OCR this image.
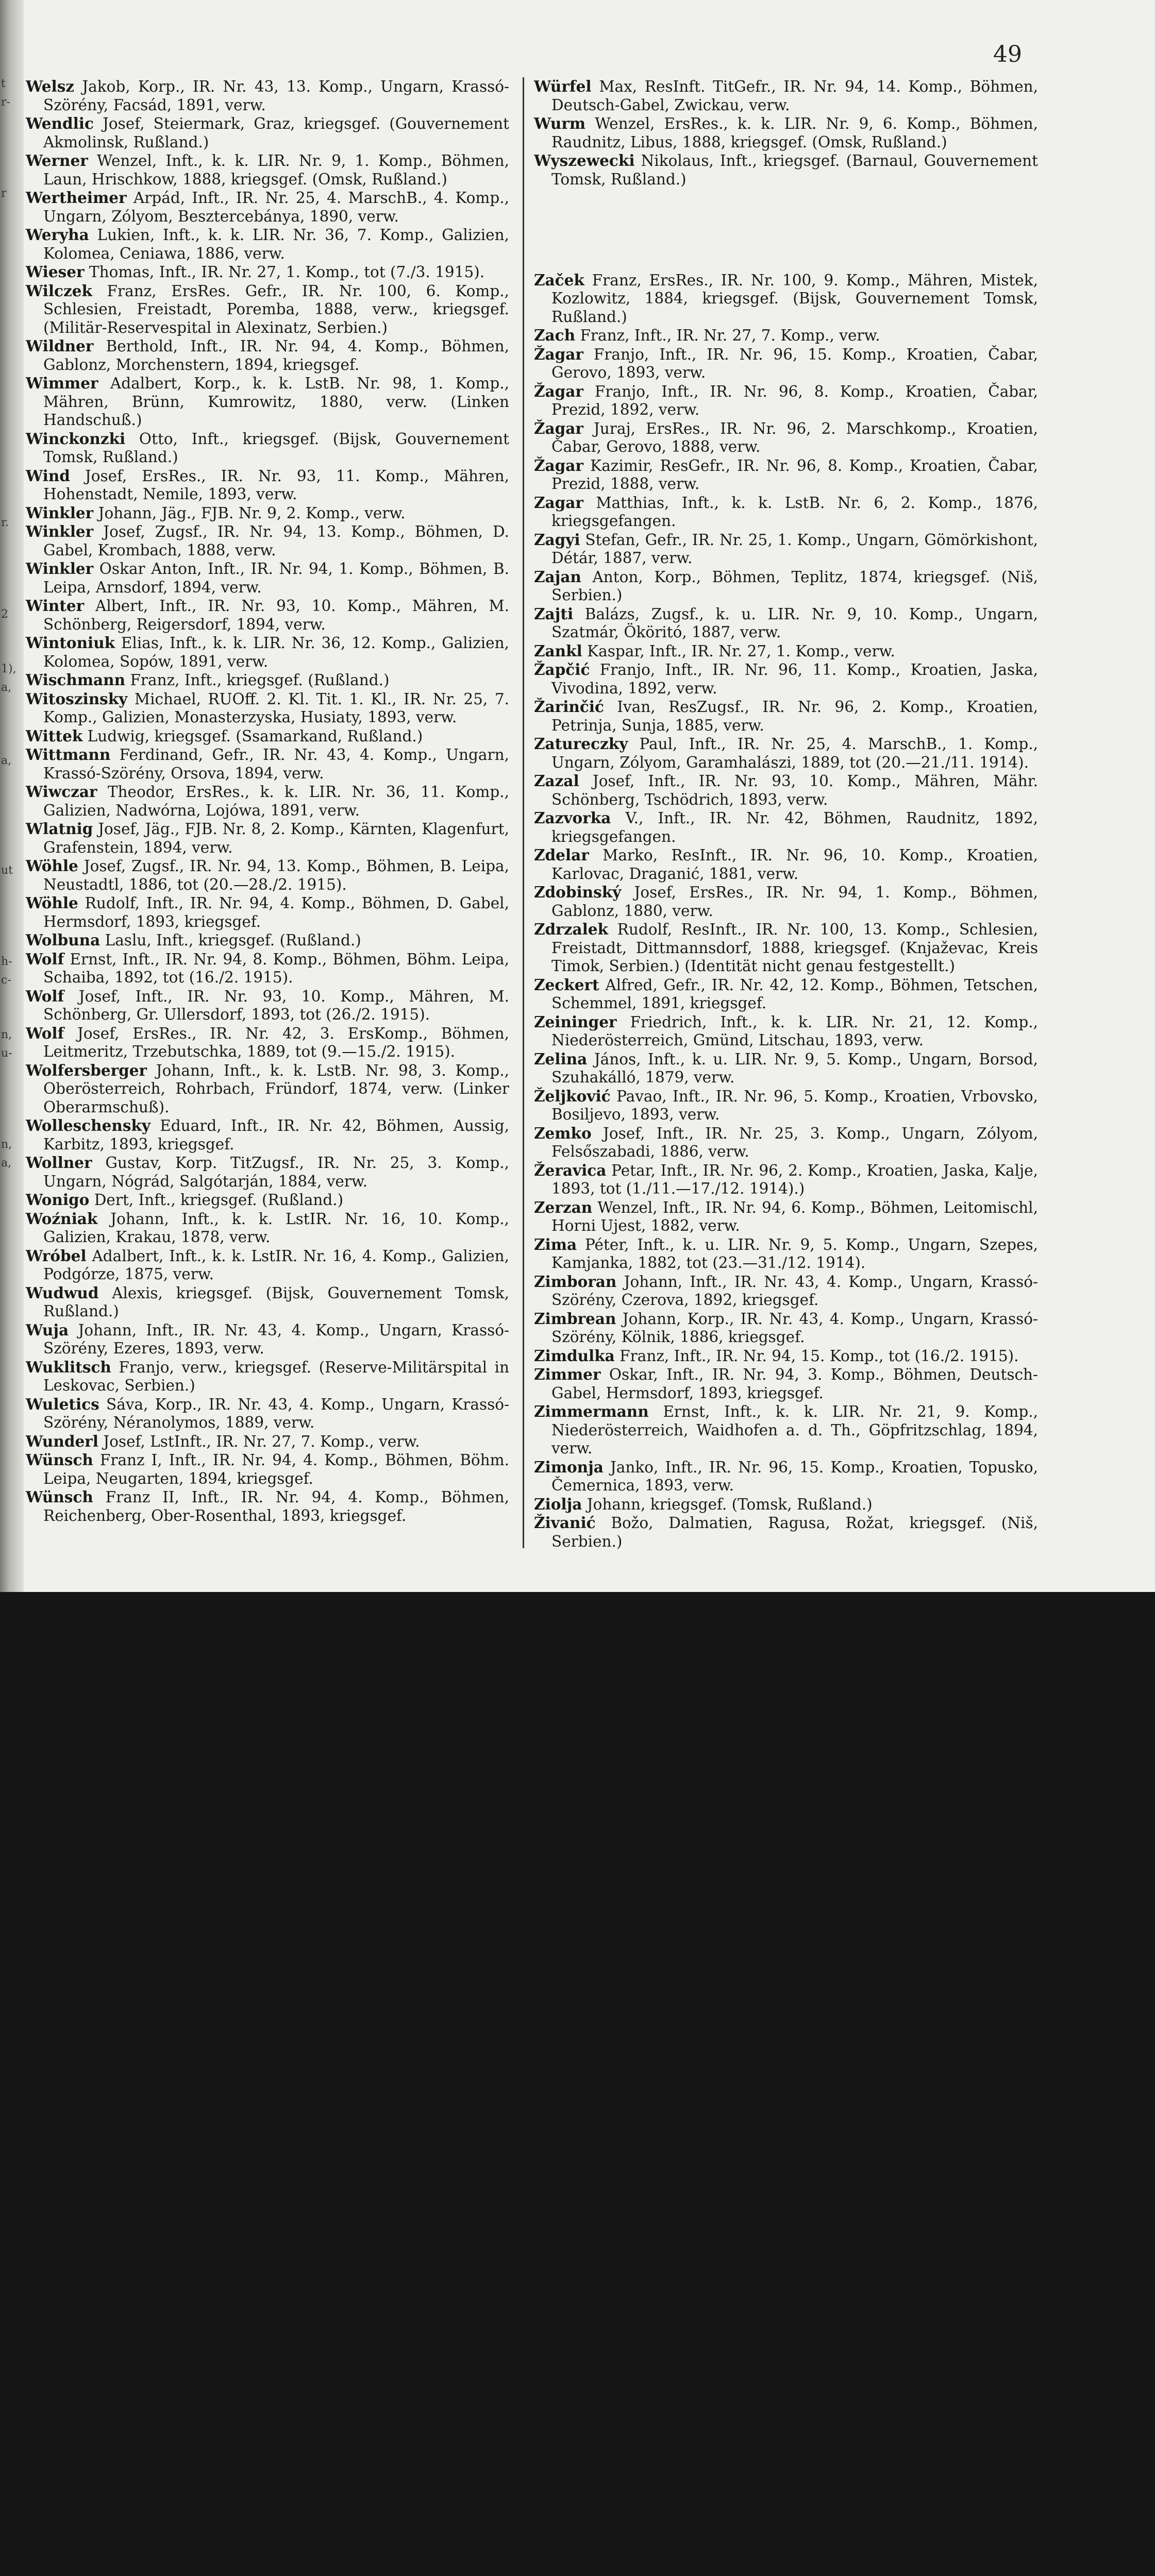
t
r-
r
r.
2
1),
a,
a,
ut
h-
c-
n,
u-
n,
a,
49

Welsz Jakob, Korp., IR. Nr. 43, 13. Komp., Ungarn, Krassó-Szörény, Facsád, 1891, verw.

Wendlic Josef, Steiermark, Graz, kriegsgef. (Gouvernement Akmolinsk, Rußland.)

Werner Wenzel, Inft., k. k. LIR. Nr. 9, 1. Komp., Böhmen, Laun, Hrischkow, 1888, kriegsgef. (Omsk, Rußland.)

Wertheimer Arpád, Inft., IR. Nr. 25, 4. MarschB., 4. Komp., Ungarn, Zólyom, Besztercebánya, 1890, verw.

Weryha Lukien, Inft., k. k. LIR. Nr. 36, 7. Komp., Galizien, Kolomea, Ceniawa, 1886, verw.

Wieser Thomas, Inft., IR. Nr. 27, 1. Komp., tot (7./3. 1915).

Wilczek Franz, ErsRes. Gefr., IR. Nr. 100, 6. Komp., Schlesien, Freistadt, Poremba, 1888, verw., kriegsgef. (Militär-Reservespital in Alexinatz, Serbien.)

Wildner Berthold, Inft., IR. Nr. 94, 4. Komp., Böhmen, Gablonz, Morchenstern, 1894, kriegsgef.

Wimmer Adalbert, Korp., k. k. LstB. Nr. 98, 1. Komp., Mähren, Brünn, Kumrowitz, 1880, verw. (Linken Handschuß.)

Winckonzki Otto, Inft., kriegsgef. (Bijsk, Gouvernement Tomsk, Rußland.)

Wind Josef, ErsRes., IR. Nr. 93, 11. Komp., Mähren, Hohenstadt, Nemile, 1893, verw.

Winkler Johann, Jäg., FJB. Nr. 9, 2. Komp., verw.

Winkler Josef, Zugsf., IR. Nr. 94, 13. Komp., Böhmen, D. Gabel, Krombach, 1888, verw.

Winkler Oskar Anton, Inft., IR. Nr. 94, 1. Komp., Böhmen, B. Leipa, Arnsdorf, 1894, verw.

Winter Albert, Inft., IR. Nr. 93, 10. Komp., Mähren, M. Schönberg, Reigersdorf, 1894, verw.

Wintoniuk Elias, Inft., k. k. LIR. Nr. 36, 12. Komp., Galizien, Kolomea, Sopów, 1891, verw.

Wischmann Franz, Inft., kriegsgef. (Rußland.)

Witoszinsky Michael, RUOff. 2. Kl. Tit. 1. Kl., IR. Nr. 25, 7. Komp., Galizien, Monasterzyska, Husiaty, 1893, verw.

Wittek Ludwig, kriegsgef. (Ssamarkand, Rußland.)

Wittmann Ferdinand, Gefr., IR. Nr. 43, 4. Komp., Ungarn, Krassó-Szörény, Orsova, 1894, verw.

Wiwczar Theodor, ErsRes., k. k. LIR. Nr. 36, 11. Komp., Galizien, Nadwórna, Lojówa, 1891, verw.

Wlatnig Josef, Jäg., FJB. Nr. 8, 2. Komp., Kärnten, Klagenfurt, Grafenstein, 1894, verw.

Wöhle Josef, Zugsf., IR. Nr. 94, 13. Komp., Böhmen, B. Leipa, Neustadtl, 1886, tot (20.—28./2. 1915).

Wöhle Rudolf, Inft., IR. Nr. 94, 4. Komp., Böhmen, D. Gabel, Hermsdorf, 1893, kriegsgef.

Wolbuna Laslu, Inft., kriegsgef. (Rußland.)

Wolf Ernst, Inft., IR. Nr. 94, 8. Komp., Böhmen, Böhm. Leipa, Schaiba, 1892, tot (16./2. 1915).

Wolf Josef, Inft., IR. Nr. 93, 10. Komp., Mähren, M. Schönberg, Gr. Ullersdorf, 1893, tot (26./2. 1915).

Wolf Josef, ErsRes., IR. Nr. 42, 3. ErsKomp., Böhmen, Leitmeritz, Trzebutschka, 1889, tot (9.—15./2. 1915).

Wolfersberger Johann, Inft., k. k. LstB. Nr. 98, 3. Komp., Oberösterreich, Rohrbach, Fründorf, 1874, verw. (Linker Oberarmschuß).

Wolleschensky Eduard, Inft., IR. Nr. 42, Böhmen, Aussig, Karbitz, 1893, kriegsgef.

Wollner Gustav, Korp. TitZugsf., IR. Nr. 25, 3. Komp., Ungarn, Nógrád, Salgótarján, 1884, verw.

Wonigo Dert, Inft., kriegsgef. (Rußland.)

Woźniak Johann, Inft., k. k. LstIR. Nr. 16, 10. Komp., Galizien, Krakau, 1878, verw.

Wróbel Adalbert, Inft., k. k. LstIR. Nr. 16, 4. Komp., Galizien, Podgórze, 1875, verw.

Wudwud Alexis, kriegsgef. (Bijsk, Gouvernement Tomsk, Rußland.)

Wuja Johann, Inft., IR. Nr. 43, 4. Komp., Ungarn, Krassó-Szörény, Ezeres, 1893, verw.

Wuklitsch Franjo, verw., kriegsgef. (Reserve-Militärspital in Leskovac, Serbien.)

Wuletics Sáva, Korp., IR. Nr. 43, 4. Komp., Ungarn, Krassó-Szörény, Néranolymos, 1889, verw.

Wunderl Josef, LstInft., IR. Nr. 27, 7. Komp., verw.

Wünsch Franz I, Inft., IR. Nr. 94, 4. Komp., Böhmen, Böhm. Leipa, Neugarten, 1894, kriegsgef.

Wünsch Franz II, Inft., IR. Nr. 94, 4. Komp., Böhmen, Reichenberg, Ober-Rosenthal, 1893, kriegsgef.

Würfel Max, ResInft. TitGefr., IR. Nr. 94, 14. Komp., Böhmen, Deutsch-Gabel, Zwickau, verw.

Wurm Wenzel, ErsRes., k. k. LIR. Nr. 9, 6. Komp., Böhmen, Raudnitz, Libus, 1888, kriegsgef. (Omsk, Rußland.)

Wyszewecki Nikolaus, Inft., kriegsgef. (Barnaul, Gouvernement Tomsk, Rußland.)

Začek Franz, ErsRes., IR. Nr. 100, 9. Komp., Mähren, Mistek, Kozlowitz, 1884, kriegsgef. (Bijsk, Gouvernement Tomsk, Rußland.)

Zach Franz, Inft., IR. Nr. 27, 7. Komp., verw.

Žagar Franjo, Inft., IR. Nr. 96, 15. Komp., Kroatien, Čabar, Gerovo, 1893, verw.

Žagar Franjo, Inft., IR. Nr. 96, 8. Komp., Kroatien, Čabar, Prezid, 1892, verw.

Žagar Juraj, ErsRes., IR. Nr. 96, 2. Marschkomp., Kroatien, Čabar, Gerovo, 1888, verw.

Žagar Kazimir, ResGefr., IR. Nr. 96, 8. Komp., Kroatien, Čabar, Prezid, 1888, verw.

Zagar Matthias, Inft., k. k. LstB. Nr. 6, 2. Komp., 1876, kriegsgefangen.

Zagyi Stefan, Gefr., IR. Nr. 25, 1. Komp., Ungarn, Gömörkishont, Détár, 1887, verw.

Zajan Anton, Korp., Böhmen, Teplitz, 1874, kriegsgef. (Niš, Serbien.)

Zajti Balázs, Zugsf., k. u. LIR. Nr. 9, 10. Komp., Ungarn, Szatmár, Ököritó, 1887, verw.

Zankl Kaspar, Inft., IR. Nr. 27, 1. Komp., verw.

Žapčić Franjo, Inft., IR. Nr. 96, 11. Komp., Kroatien, Jaska, Vivodina, 1892, verw.

Žarinčić Ivan, ResZugsf., IR. Nr. 96, 2. Komp., Kroatien, Petrinja, Sunja, 1885, verw.

Zatureczky Paul, Inft., IR. Nr. 25, 4. MarschB., 1. Komp., Ungarn, Zólyom, Garamhalászi, 1889, tot (20.—21./11. 1914).

Zazal Josef, Inft., IR. Nr. 93, 10. Komp., Mähren, Mähr. Schönberg, Tschödrich, 1893, verw.

Zazvorka V., Inft., IR. Nr. 42, Böhmen, Raudnitz, 1892, kriegsgefangen.

Zdelar Marko, ResInft., IR. Nr. 96, 10. Komp., Kroatien, Karlovac, Draganić, 1881, verw.

Zdobinský Josef, ErsRes., IR. Nr. 94, 1. Komp., Böhmen, Gablonz, 1880, verw.

Zdrzalek Rudolf, ResInft., IR. Nr. 100, 13. Komp., Schlesien, Freistadt, Dittmannsdorf, 1888, kriegsgef. (Knjaževac, Kreis Timok, Serbien.) (Identität nicht genau festgestellt.)

Zeckert Alfred, Gefr., IR. Nr. 42, 12. Komp., Böhmen, Tetschen, Schemmel, 1891, kriegsgef.

Zeininger Friedrich, Inft., k. k. LIR. Nr. 21, 12. Komp., Niederösterreich, Gmünd, Litschau, 1893, verw.

Zelina János, Inft., k. u. LIR. Nr. 9, 5. Komp., Ungarn, Borsod, Szuhakálló, 1879, verw.

Željković Pavao, Inft., IR. Nr. 96, 5. Komp., Kroatien, Vrbovsko, Bosiljevo, 1893, verw.

Zemko Josef, Inft., IR. Nr. 25, 3. Komp., Ungarn, Zólyom, Felsőszabadi, 1886, verw.

Žeravica Petar, Inft., IR. Nr. 96, 2. Komp., Kroatien, Jaska, Kalje, 1893, tot (1./11.—17./12. 1914).)

Zerzan Wenzel, Inft., IR. Nr. 94, 6. Komp., Böhmen, Leitomischl, Horni Ujest, 1882, verw.

Zima Péter, Inft., k. u. LIR. Nr. 9, 5. Komp., Ungarn, Szepes, Kamjanka, 1882, tot (23.—31./12. 1914).

Zimboran Johann, Inft., IR. Nr. 43, 4. Komp., Ungarn, Krassó-Szörény, Czerova, 1892, kriegsgef.

Zimbrean Johann, Korp., IR. Nr. 43, 4. Komp., Ungarn, Krassó-Szörény, Kölnik, 1886, kriegsgef.

Zimdulka Franz, Inft., IR. Nr. 94, 15. Komp., tot (16./2. 1915).

Zimmer Oskar, Inft., IR. Nr. 94, 3. Komp., Böhmen, Deutsch-Gabel, Hermsdorf, 1893, kriegsgef.

Zimmermann Ernst, Inft., k. k. LIR. Nr. 21, 9. Komp., Niederösterreich, Waidhofen a. d. Th., Göpfritzschlag, 1894, verw.

Zimonja Janko, Inft., IR. Nr. 96, 15. Komp., Kroatien, Topusko, Čemernica, 1893, verw.

Ziolja Johann, kriegsgef. (Tomsk, Rußland.)

Živanić Božo, Dalmatien, Ragusa, Rožat, kriegsgef. (Niš, Serbien.)
